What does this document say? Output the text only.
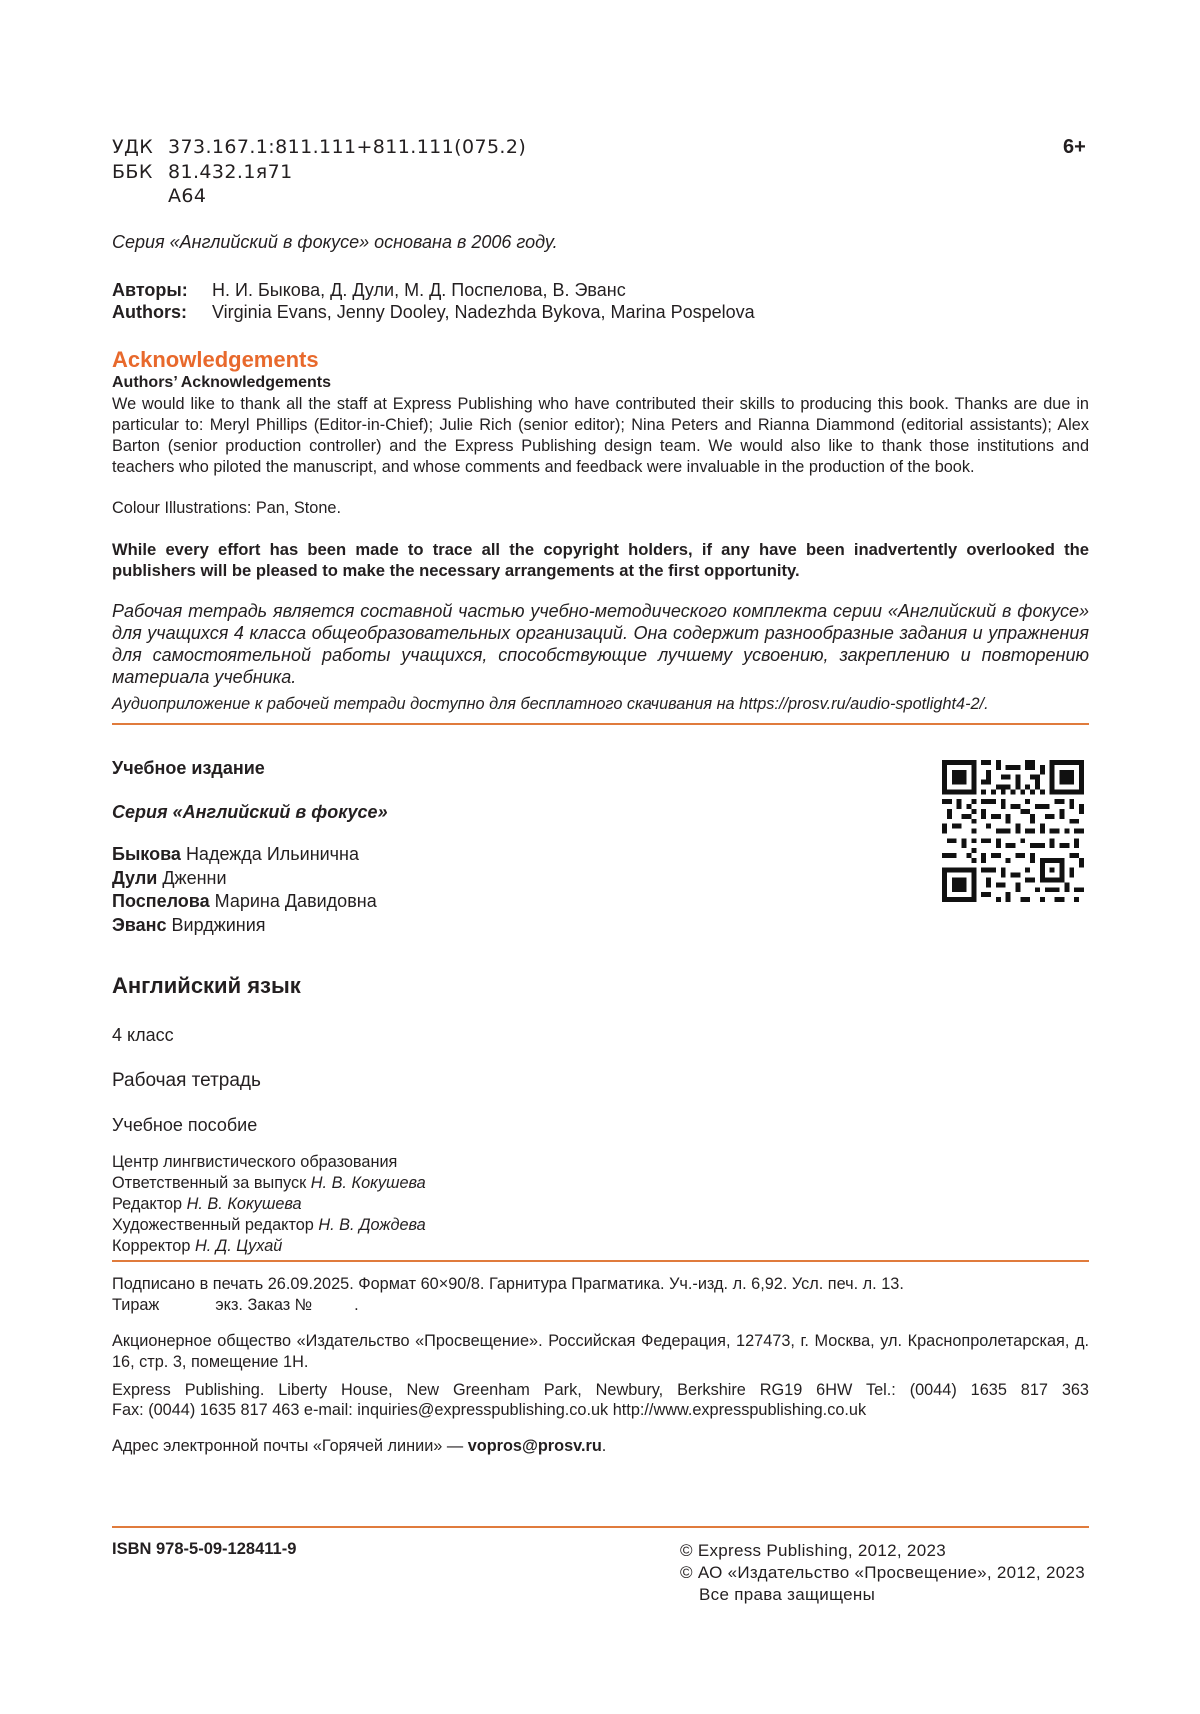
УДК 373.167.1:811.111+811.111(075.2)
ББК 81.432.1я71
А64
6+
Серия «Английский в фокусе» основана в 2006 году.
Авторы: Н. И. Быкова, Д. Дули, М. Д. Поспелова, В. Эванс
Authors: Virginia Evans, Jenny Dooley, Nadezhda Bykova, Marina Pospelova
Acknowledgements
Authors’ Acknowledgements
We would like to thank all the staff at Express Publishing who have contributed their skills to producing this book. Thanks are due in particular to: Meryl Phillips (Editor-in-Chief); Julie Rich (senior editor); Nina Peters and Rianna Diammond (editorial assistants); Alex Barton (senior production controller) and the Express Publishing design team. We would also like to thank those institutions and teachers who piloted the manuscript, and whose comments and feedback were invaluable in the production of the book.
Colour Illustrations: Pan, Stone.
While every effort has been made to trace all the copyright holders, if any have been inadvertently overlooked the publishers will be pleased to make the necessary arrangements at the first opportunity.
Рабочая тетрадь является составной частью учебно-методического комплекта серии «Английский в фокусе» для учащихся 4 класса общеобразовательных организаций. Она содержит разнообразные задания и упражнения для самостоятельной работы учащихся, способствующие лучшему усвоению, закреплению и повторению материала учебника.
Аудиоприложение к рабочей тетради доступно для бесплатного скачивания на https://prosv.ru/audio-spotlight4-2/.
Учебное издание
Серия «Английский в фокусе»
Быкова Надежда Ильинична
Дули Дженни
Поспелова Марина Давидовна
Эванс Вирджиния
Английский язык
4 класс
Рабочая тетрадь
Учебное пособие
Центр лингвистического образования
Ответственный за выпуск Н. В. Кокушева
Редактор Н. В. Кокушева
Художественный редактор Н. В. Дождева
Корректор Н. Д. Цухай
Подписано в печать 26.09.2025. Формат 60×90/8. Гарнитура Прагматика. Уч.-изд. л. 6,92. Усл. печ. л. 13.
Тираж	экз. Заказ №	.
Акционерное общество «Издательство «Просвещение». Российская Федерация, 127473, г. Москва, ул. Краснопролетарская, д. 16, стр. 3, помещение 1Н.
Express Publishing. Liberty House, New Greenham Park, Newbury, Berkshire RG19 6HW Tel.: (0044) 1635 817 363
Fax: (0044) 1635 817 463 e-mail: inquiries@expresspublishing.co.uk http://www.expresspublishing.co.uk
Адрес электронной почты «Горячей линии» — vopros@prosv.ru.
ISBN 978-5-09-128411-9	© Express Publishing, 2012, 2023
© АО «Издательство «Просвещение», 2012, 2023
Все права защищены
